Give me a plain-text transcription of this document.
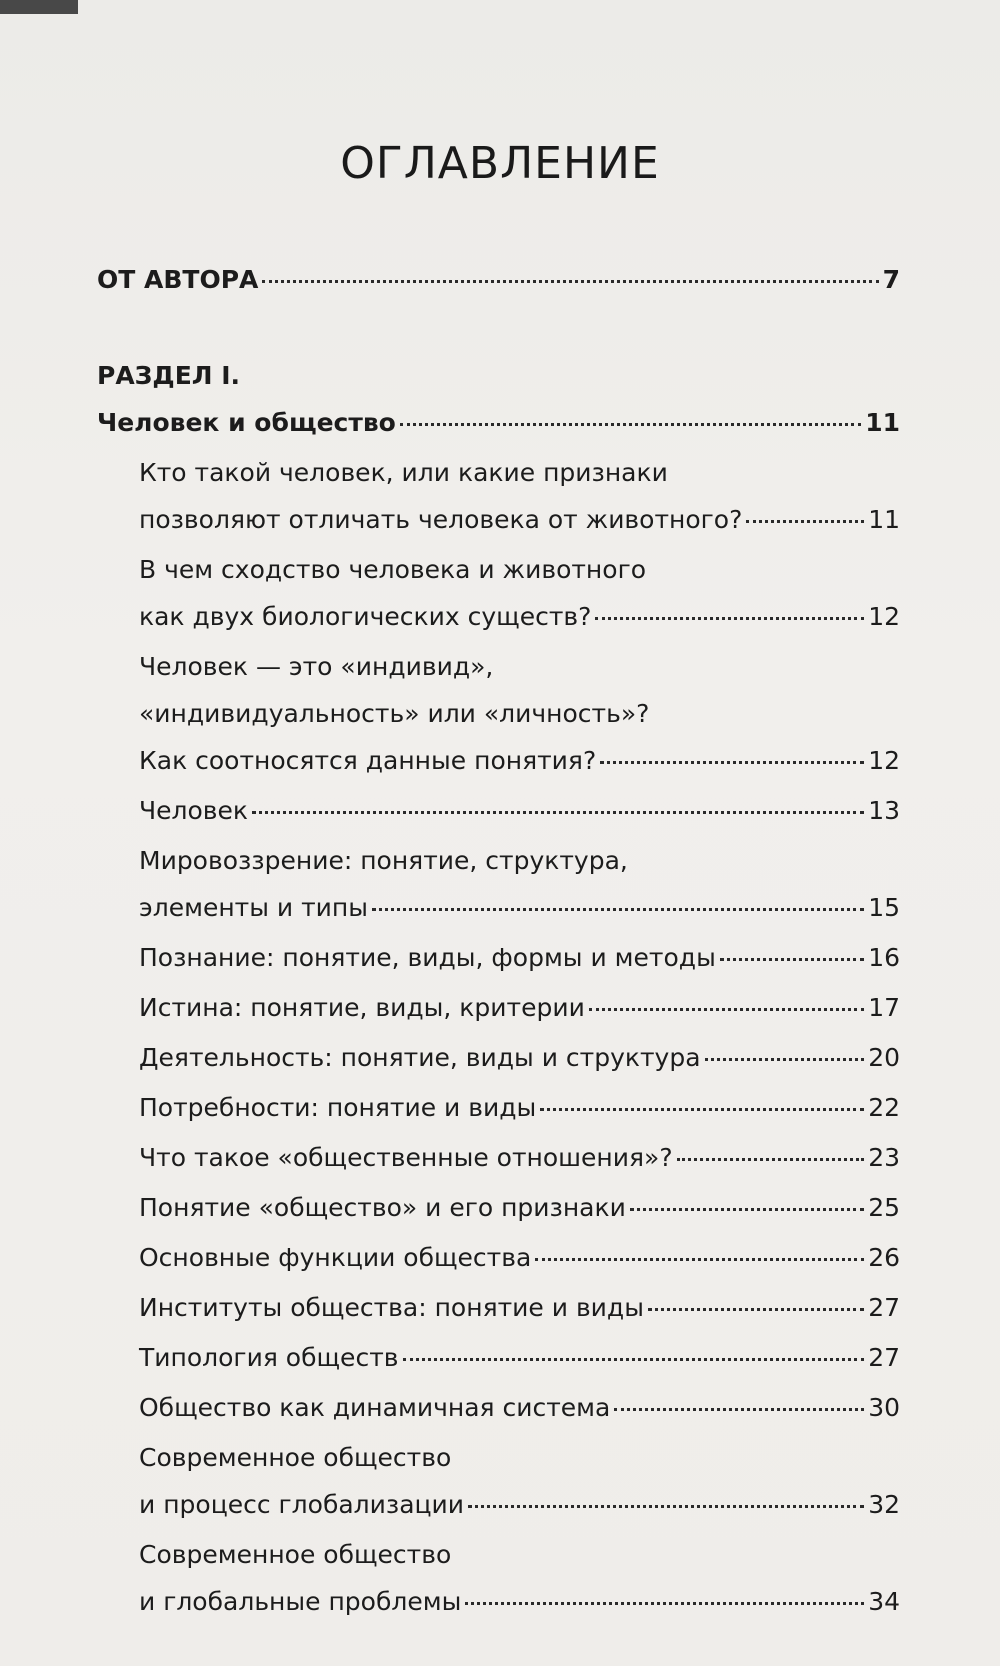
ОГЛАВЛЕНИЕ
ОТ АВТОРА	7
РАЗДЕЛ I.
Человек и общество	11
Кто такой человек, или какие признаки
позволяют отличать человека от животного?	11
В чем сходство человека и животного
как двух биологических существ?	12
Человек — это «индивид»,
«индивидуальность» или «личность»?
Как соотносятся данные понятия?	12
Человек	13
Мировоззрение: понятие, структура,
элементы и типы	15
Познание: понятие, виды, формы и методы	16
Истина: понятие, виды, критерии	17
Деятельность: понятие, виды и структура	20
Потребности: понятие и виды	22
Что такое «общественные отношения»?	23
Понятие «общество» и его признаки	25
Основные функции общества	26
Институты общества: понятие и виды	27
Типология обществ	27
Общество как динамичная система	30
Современное общество
и процесс глобализации	32
Современное общество
и глобальные проблемы	34
